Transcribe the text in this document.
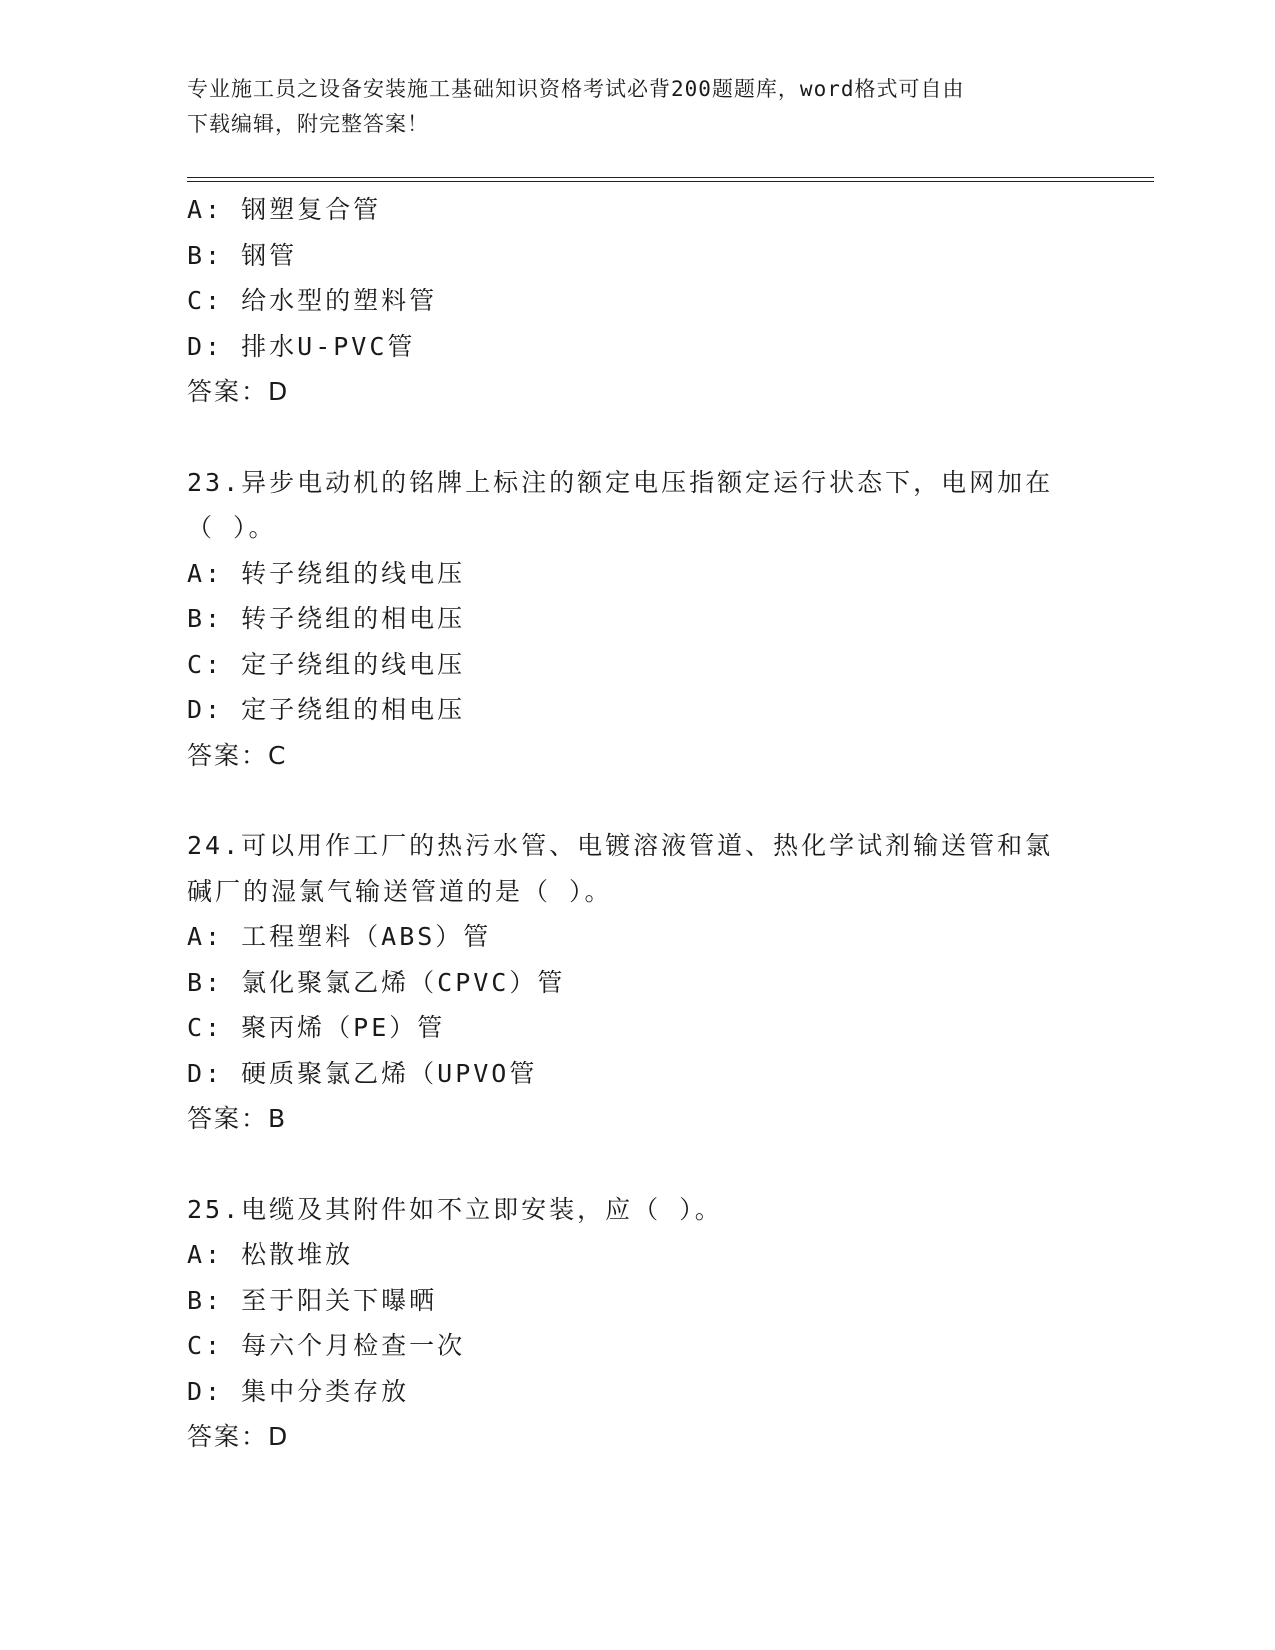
专业施工员之设备安装施工基础知识资格考试必背200题题库，word格式可自由
下载编辑，附完整答案！
A: 钢塑复合管
B: 钢管
C: 给水型的塑料管
D: 排水U-PVC管
答案：D
23.异步电动机的铭牌上标注的额定电压指额定运行状态下，电网加在
（ ）。
A: 转子绕组的线电压
B: 转子绕组的相电压
C: 定子绕组的线电压
D: 定子绕组的相电压
答案：C
24.可以用作工厂的热污水管、电镀溶液管道、热化学试剂输送管和氯
碱厂的湿氯气输送管道的是（ ）。
A: 工程塑料（ABS）管
B: 氯化聚氯乙烯（CPVC）管
C: 聚丙烯（PE）管
D: 硬质聚氯乙烯（UPVO管
答案：B
25.电缆及其附件如不立即安装，应（ ）。
A: 松散堆放
B: 至于阳关下曝晒
C: 每六个月检查一次
D: 集中分类存放
答案：D
